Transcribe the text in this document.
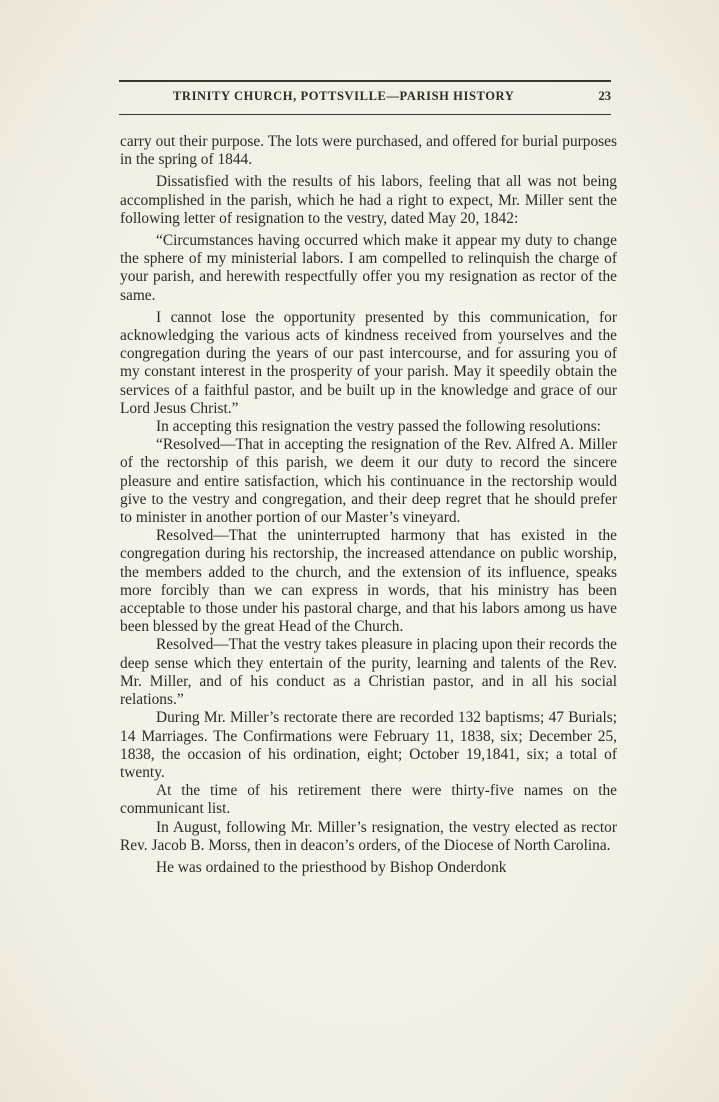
TRINITY CHURCH, POTTSVILLE—PARISH HISTORY	23

carry out their purpose. The lots were purchased, and offered for burial purposes in the spring of 1844.

Dissatisfied with the results of his labors, feeling that all was not being accomplished in the parish, which he had a right to expect, Mr. Miller sent the following letter of resignation to the vestry, dated May 20, 1842:

“Circumstances having occurred which make it appear my duty to change the sphere of my ministerial labors. I am compelled to relinquish the charge of your parish, and herewith respectfully offer you my resignation as rector of the same.

I cannot lose the opportunity presented by this communication, for acknowledging the various acts of kindness received from yourselves and the congregation during the years of our past intercourse, and for assuring you of my constant interest in the prosperity of your parish. May it speedily obtain the services of a faithful pastor, and be built up in the knowledge and grace of our Lord Jesus Christ.”

In accepting this resignation the vestry passed the following resolutions:

“Resolved—That in accepting the resignation of the Rev. Alfred A. Miller of the rectorship of this parish, we deem it our duty to record the sincere pleasure and entire satisfaction, which his continuance in the rectorship would give to the vestry and congregation, and their deep regret that he should prefer to minister in another portion of our Master’s vineyard.

Resolved—That the uninterrupted harmony that has existed in the congregation during his rectorship, the increased attendance on public worship, the members added to the church, and the extension of its influence, speaks more forcibly than we can express in words, that his ministry has been acceptable to those under his pastoral charge, and that his labors among us have been blessed by the great Head of the Church.

Resolved—That the vestry takes pleasure in placing upon their records the deep sense which they entertain of the purity, learning and talents of the Rev. Mr. Miller, and of his conduct as a Christian pastor, and in all his social relations.”

During Mr. Miller’s rectorate there are recorded 132 baptisms; 47 Burials; 14 Marriages. The Confirmations were February 11, 1838, six; December 25, 1838, the occasion of his ordination, eight; October 19,1841, six; a total of twenty.

At the time of his retirement there were thirty-five names on the communicant list.

In August, following Mr. Miller’s resignation, the vestry elected as rector Rev. Jacob B. Morss, then in deacon’s orders, of the Diocese of North Carolina.

He was ordained to the priesthood by Bishop Onderdonk
